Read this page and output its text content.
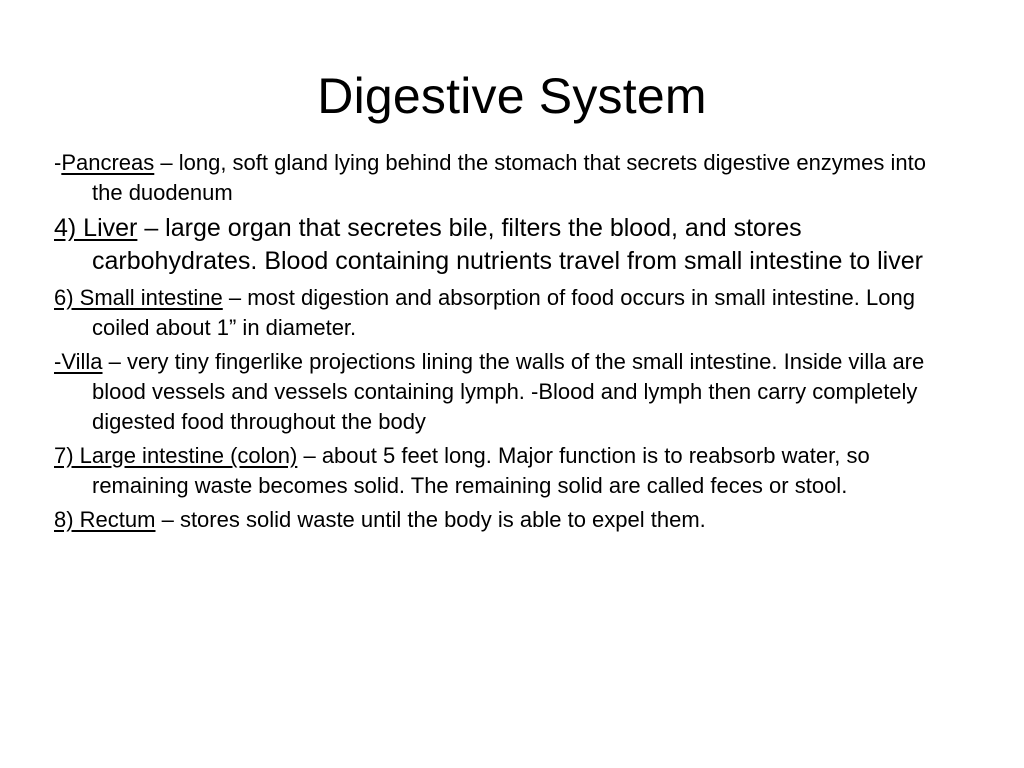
Digestive System

-Pancreas – long, soft gland lying behind the stomach that secrets digestive enzymes into the duodenum

4) Liver – large organ that secretes bile, filters the blood, and stores carbohydrates. Blood containing nutrients travel from small intestine to liver

6) Small intestine – most digestion and absorption of food occurs in small intestine. Long coiled about 1” in diameter.

-Villa – very tiny fingerlike projections lining the walls of the small intestine. Inside villa are blood vessels and vessels containing lymph. -Blood and lymph then carry completely digested food throughout the body

7) Large intestine (colon) – about 5 feet long. Major function is to reabsorb water, so remaining waste becomes solid. The remaining solid are called feces or stool.

8) Rectum – stores solid waste until the body is able to expel them.
